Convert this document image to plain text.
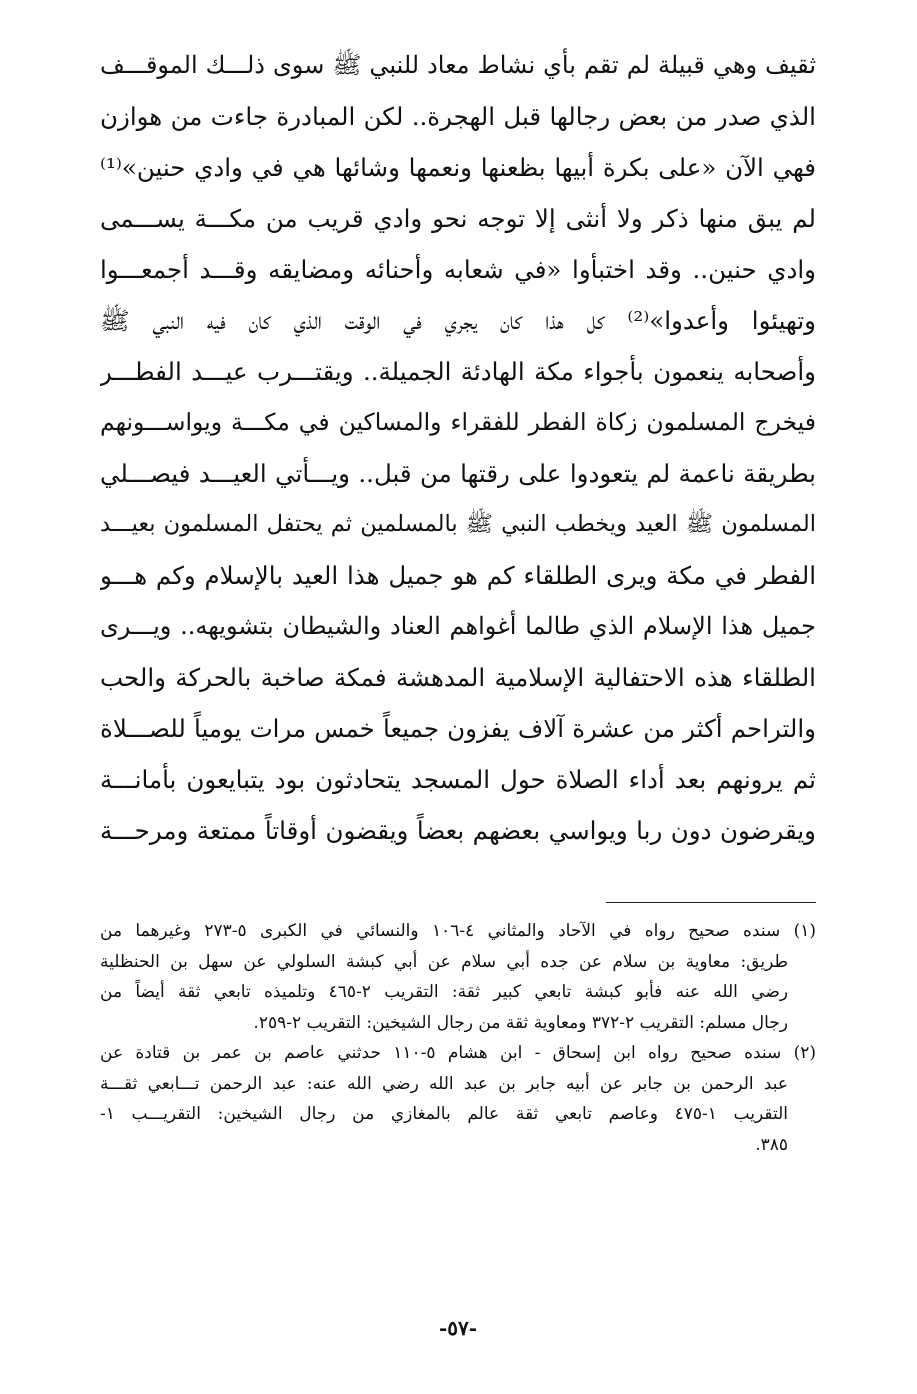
ثقيف وهي قبيلة لم تقم بأي نشاط معاد للنبي ﷺ سوى ذلـــك الموقـــف
الذي صدر من بعض رجالها قبل الهجرة.. لكن المبادرة جاءت من هوازن
فهي الآن «على بكرة أبيها بظعنها ونعمها وشائها هي في وادي حنين»⁽¹⁾
لم يبق منها ذكر ولا أنثى إلا توجه نحو وادي قريب من مكـــة يســـمى
وادي حنين.. وقد اختبأوا «في شعابه وأحنائه ومضايقه وقـــد أجمعـــوا
وتهيئوا وأعدوا»⁽²⁾ كل هذا كان يجري في الوقت الذي كان فيه النبي ﷺ
وأصحابه ينعمون بأجواء مكة الهادئة الجميلة.. ويقتـــرب عيـــد الفطـــر
فيخرج المسلمون زكاة الفطر للفقراء والمساكين في مكـــة ويواســـونهم
بطريقة ناعمة لم يتعودوا على رقتها من قبل.. ويـــأتي العيـــد فيصـــلي
المسلمون ﷺ العيد ويخطب النبي ﷺ بالمسلمين ثم يحتفل المسلمون بعيـــد
الفطر في مكة ويرى الطلقاء كم هو جميل هذا العيد بالإسلام وكم هـــو
جميل هذا الإسلام الذي طالما أغواهم العناد والشيطان بتشويهه.. ويـــرى
الطلقاء هذه الاحتفالية الإسلامية المدهشة فمكة صاخبة بالحركة والحب
والتراحم أكثر من عشرة آلاف يفزون جميعاً خمس مرات يومياً للصـــلاة
ثم يرونهم بعد أداء الصلاة حول المسجد يتحادثون بود يتبايعون بأمانـــة
ويقرضون دون ربا ويواسي بعضهم بعضاً ويقضون أوقاتاً ممتعة ومرحـــة
(١) سنده صحيح رواه في الآحاد والمثاني ٤-١٠٦ والنسائي في الكبرى ٥-٢٧٣ وغيرهما من
طريق: معاوية بن سلام عن جده أبي سلام عن أبي كبشة السلولي عن سهل بن الحنظلية
رضي الله عنه فأبو كبشة تابعي كبير ثقة: التقريب ٢-٤٦٥ وتلميذه تابعي ثقة أيضاً من
رجال مسلم: التقريب ٢-٣٧٢ ومعاوية ثقة من رجال الشيخين: التقريب ٢-٢٥٩.
(٢) سنده صحيح رواه ابن إسحاق - ابن هشام ٥-١١٠ حدثني عاصم بن عمر بن قتادة عن
عبد الرحمن بن جابر عن أبيه جابر بن عبد الله رضي الله عنه: عبد الرحمن تـــابعي ثقـــة
التقريب ١-٤٧٥ وعاصم تابعي ثقة عالم بالمغازي من رجال الشيخين: التقريـــب ١-
٣٨٥.
-٥٧-
